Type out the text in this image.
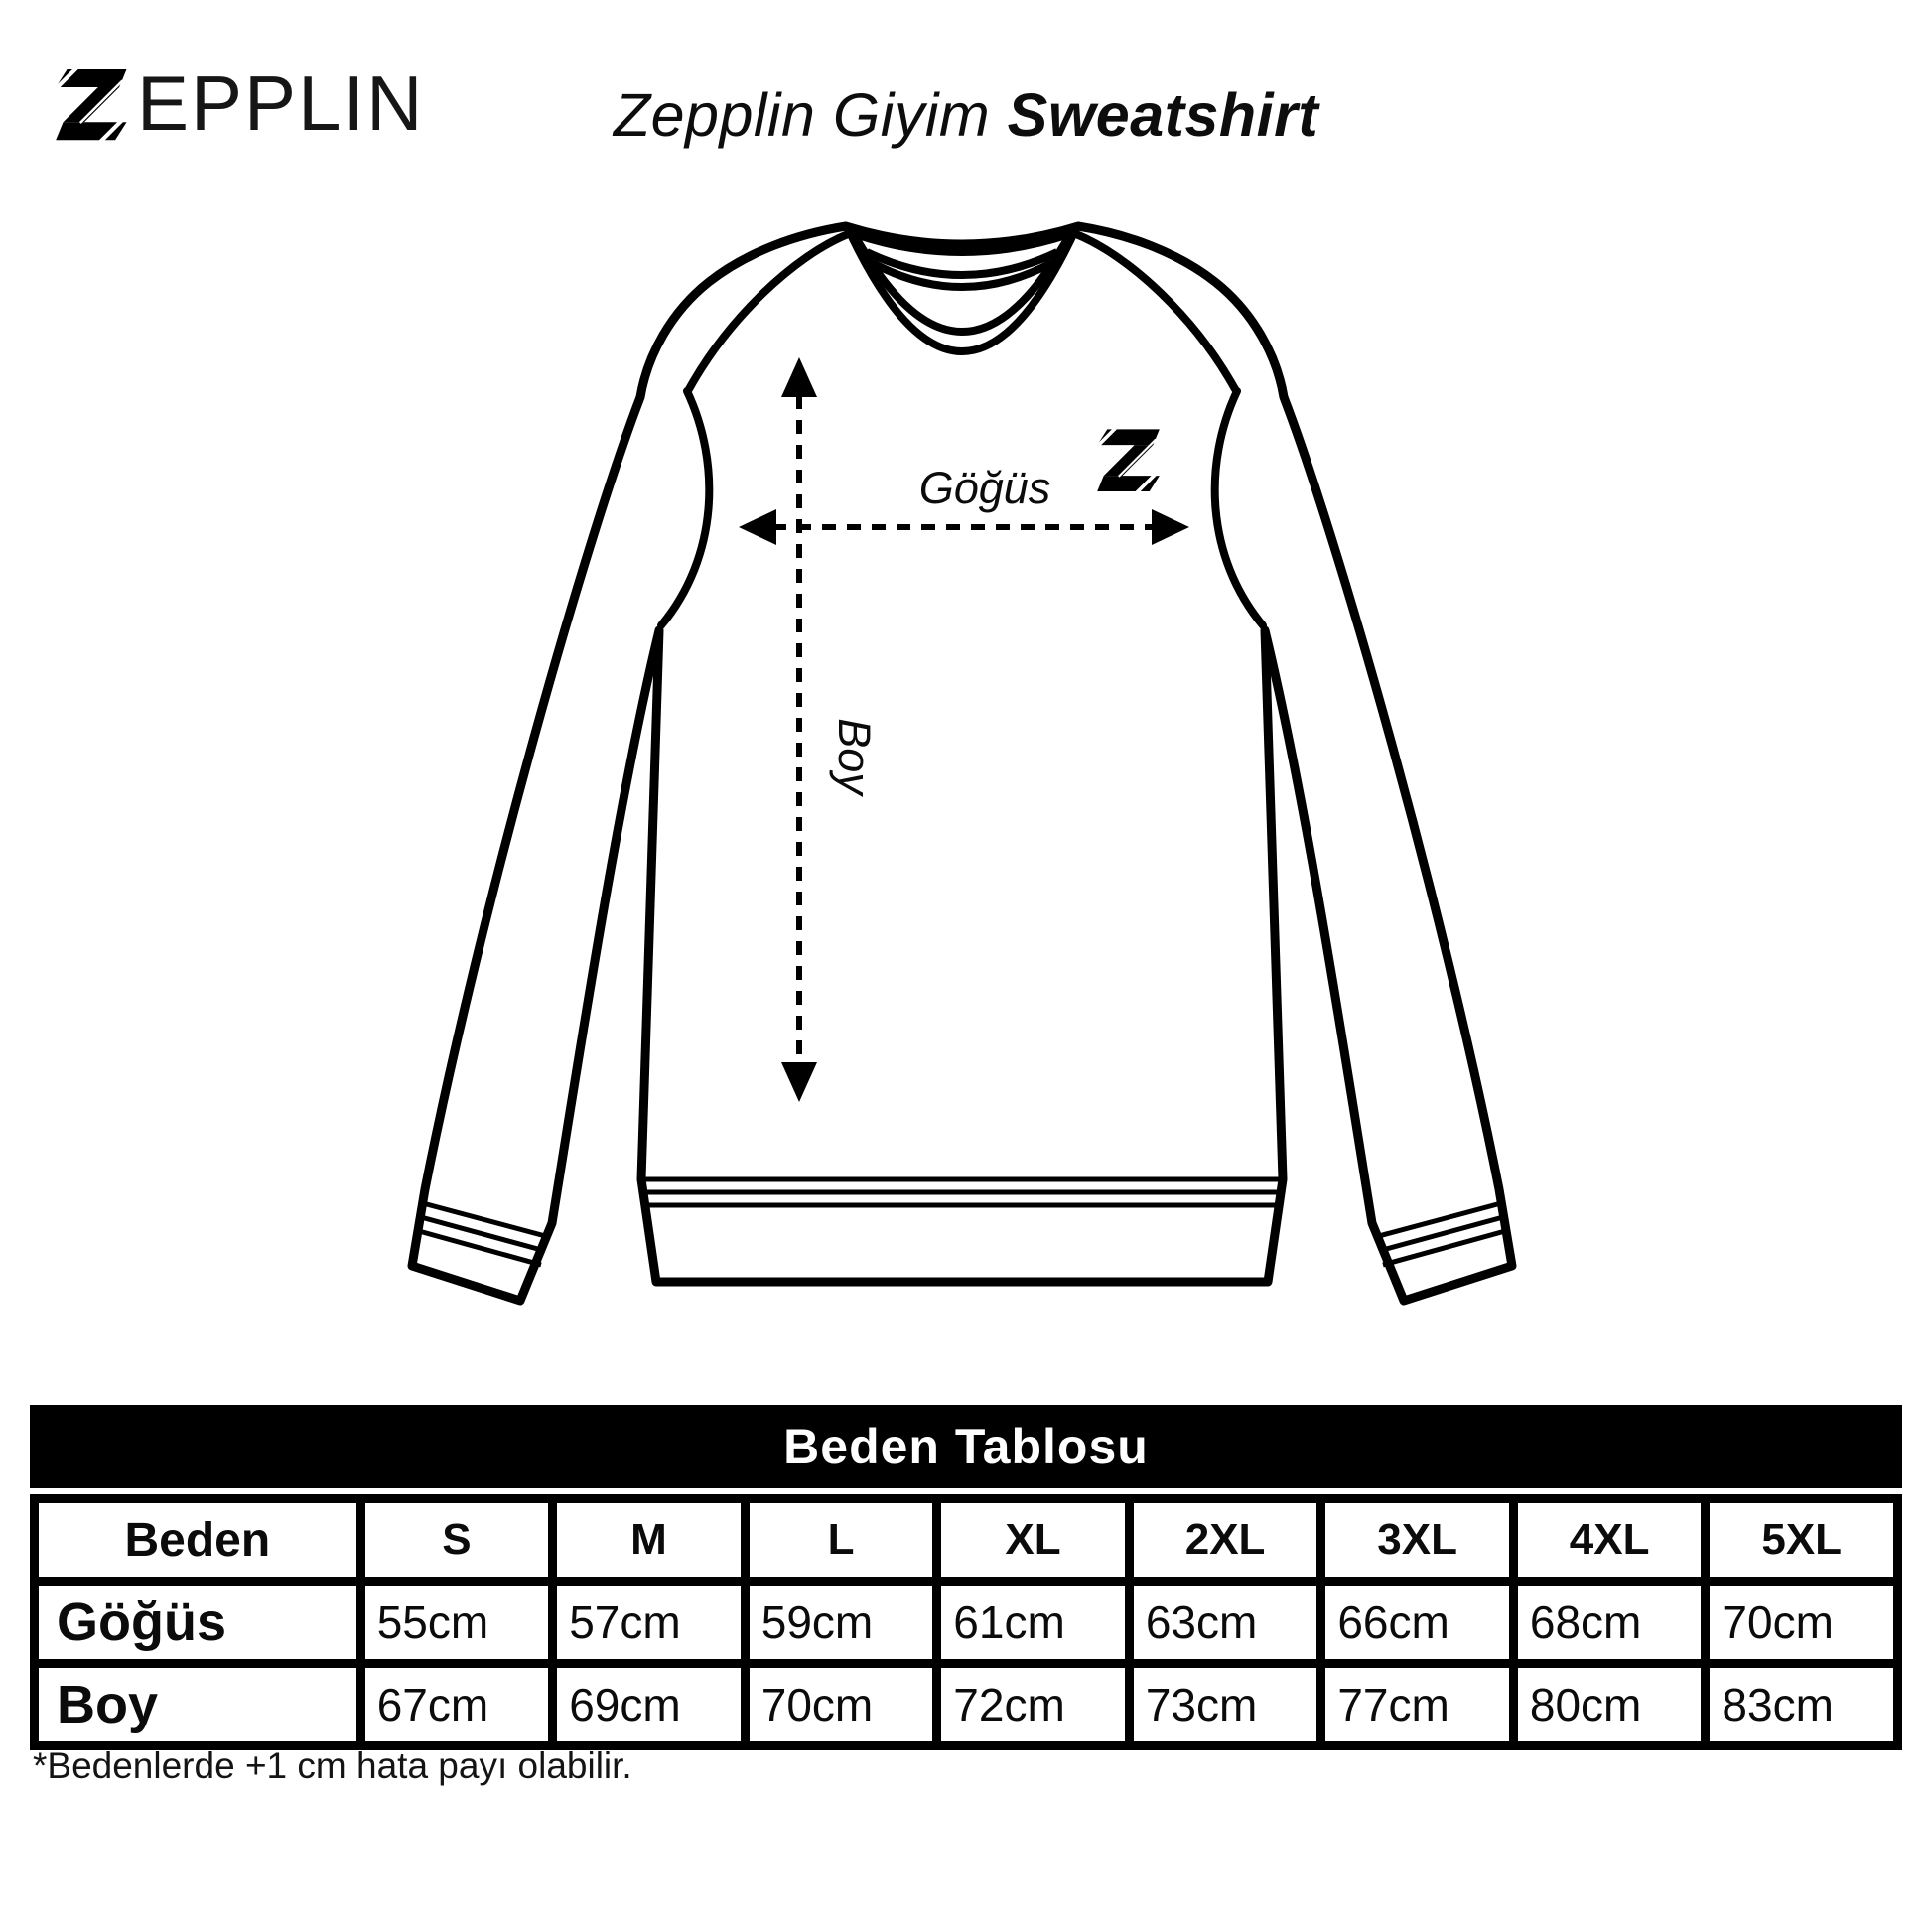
EPPLIN	Zepplin Giyim Sweatshirt
Göğüs
Boy
Beden Tablosu
Beden	S	M	L	XL	2XL	3XL	4XL	5XL
Göğüs	55cm	57cm	59cm	61cm	63cm	66cm	68cm	70cm
Boy	67cm	69cm	70cm	72cm	73cm	77cm	80cm	83cm
*Bedenlerde +1 cm hata payı olabilir.
